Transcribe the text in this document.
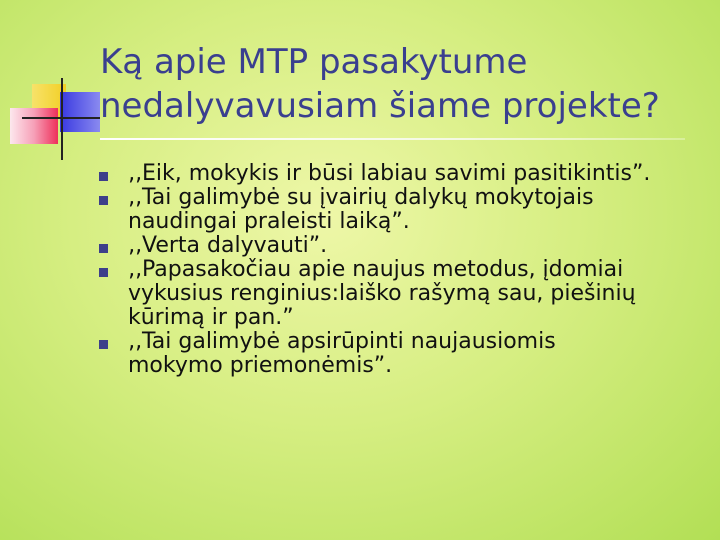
Ką apie MTP pasakytume
nedalyvavusiam šiame projekte?
‚‚Eik, mokykis ir būsi labiau savimi pasitikintis”.
‚‚Tai galimybė su įvairių dalykų mokytojais
naudingai praleisti laiką”.
‚‚Verta dalyvauti”.
‚‚Papasakočiau apie naujus metodus, įdomiai
vykusius renginius:laiško rašymą sau, piešinių
kūrimą ir pan.”
‚‚Tai galimybė apsirūpinti naujausiomis
mokymo priemonėmis”.
